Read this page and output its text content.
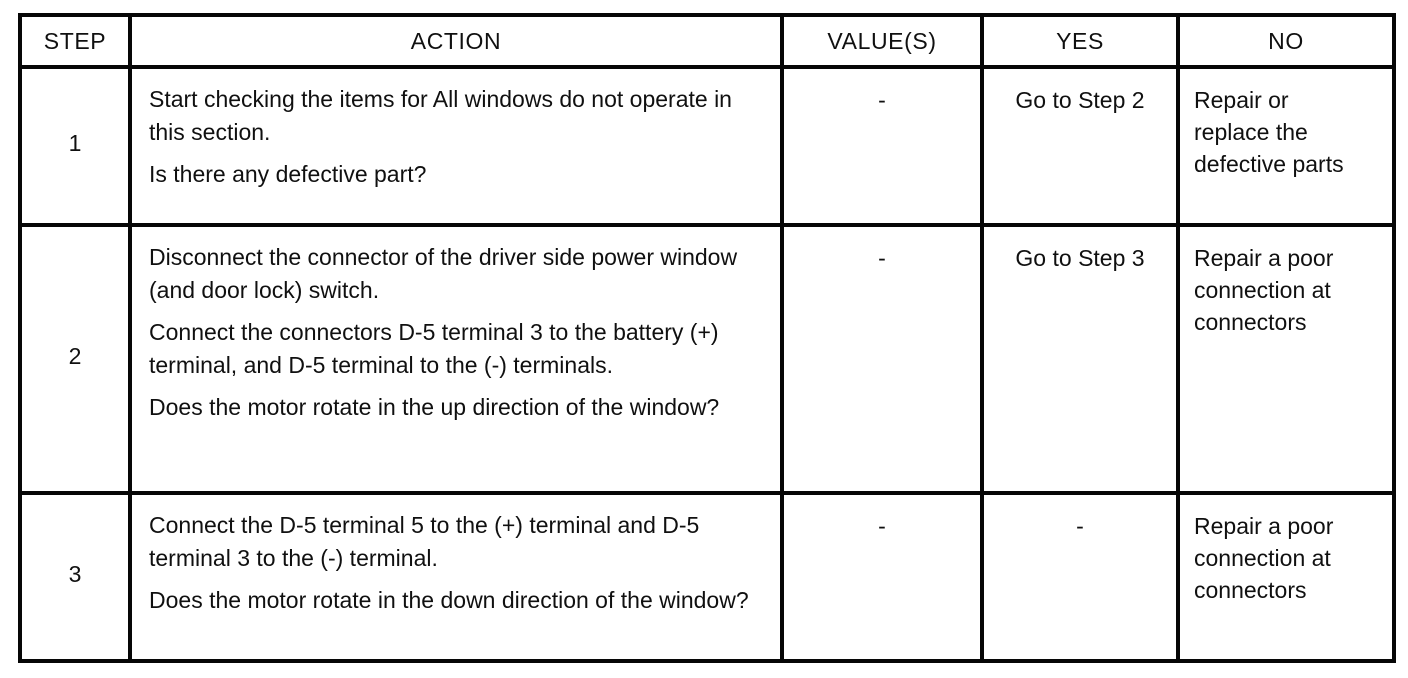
STEP	ACTION	VALUE(S)	YES	NO
1	Start checking the items for All windows do not operate in this section.

Is there any defective part?	-	Go to Step 2	Repair or replace the defective parts
2	Disconnect the connector of the driver side power window (and door lock) switch.

Connect the connectors D-5 terminal 3 to the battery (+) terminal, and D-5 terminal to the (-) terminals.

Does the motor rotate in the up direction of the window?	-	Go to Step 3	Repair a poor connection at connectors
3	Connect the D-5 terminal 5 to the (+) terminal and D-5 terminal 3 to the (-) terminal.

Does the motor rotate in the down direction of the window?	-	-	Repair a poor connection at connectors
